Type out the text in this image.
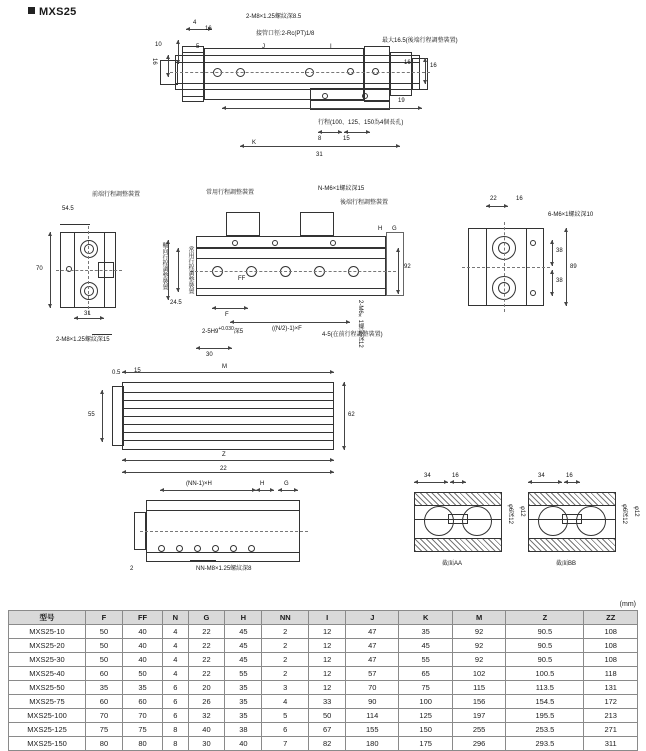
MXS25
4
16
10	5
16
J	I
16	16
19
2-M8×1.25螺紋深8.5
接管口徑:2-Rc(PT)1/8
最大16.5(後端行程調整裝置)
行程(100、125、150為4個長孔)
8	15
31
K
70
31
54.5
前端行程調整裝置
2-M8×1.25螺紋深15
軸向行程調整裝置	常用行程調整裝置
24.5
FF
F
((N/2)-1)×F
30
常用行程調整裝置
N-M6×1螺紋深15
後端行程調整裝置
$2-5H9^{+0.030}$深5	4-5(在前行程調整裝置)
2-M6×1螺紋深12
92
G
H
22	16
38
38
89
6-M6×1螺紋深10
0.5 15
M
55	62
Z
22
(NN-1)×H	H	G
2	NN-M8×1.25螺紋深8
φ6深12 φ12
34	16
截面AA
φ6深12 φ12
34	16
截面BB
(mm)
型号	F	FF	N	G	H	NN	I	J	K	M	Z	ZZ
MXS25-10	50	40	4	22	45	2	12	47	35	92	90.5	108
MXS25-20	50	40	4	22	45	2	12	47	45	92	90.5	108
MXS25-30	50	40	4	22	45	2	12	47	55	92	90.5	108
MXS25-40	60	50	4	22	55	2	12	57	65	102	100.5	118
MXS25-50	35	35	6	20	35	3	12	70	75	115	113.5	131
MXS25-75	60	60	6	26	35	4	33	90	100	156	154.5	172
MXS25-100	70	70	6	32	35	5	50	114	125	197	195.5	213
MXS25-125	75	75	8	40	38	6	67	155	150	255	253.5	271
MXS25-150	80	80	8	30	40	7	82	180	175	296	293.5	311
